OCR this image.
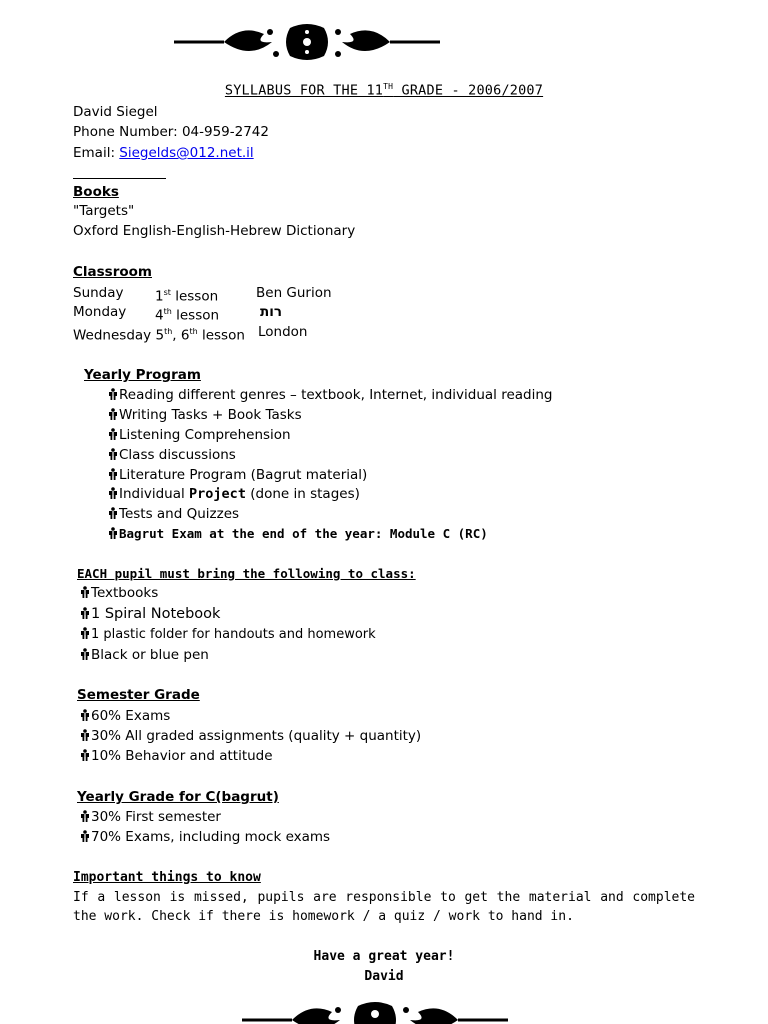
SYLLABUS FOR THE 11TH GRADE - 2006/2007
David Siegel
Phone Number: 04-959-2742
Email: Siegelds@012.net.il
Books
"Targets"
Oxford English-English-Hebrew Dictionary
Classroom
Sunday 1st lesson	Ben Gurion
Monday 4th lesson	רות
Wednesday 5th, 6th lesson London
Yearly Program
Reading different genres – textbook, Internet, individual reading
Writing Tasks + Book Tasks
Listening Comprehension
Class discussions
Literature Program (Bagrut material)
Individual Project (done in stages)
Tests and Quizzes
Bagrut Exam at the end of the year: Module C (RC)
EACH pupil must bring the following to class:
Textbooks
1 Spiral Notebook
1 plastic folder for handouts and homework
Black or blue pen
Semester Grade
60% Exams
30% All graded assignments (quality + quantity)
10% Behavior and attitude
Yearly Grade for C(bagrut)
30% First semester
70% Exams, including mock exams
Important things to know
If a lesson is missed, pupils are responsible to get the material and complete the work. Check if there is homework / a quiz / work to hand in.
Have a great year!
David
